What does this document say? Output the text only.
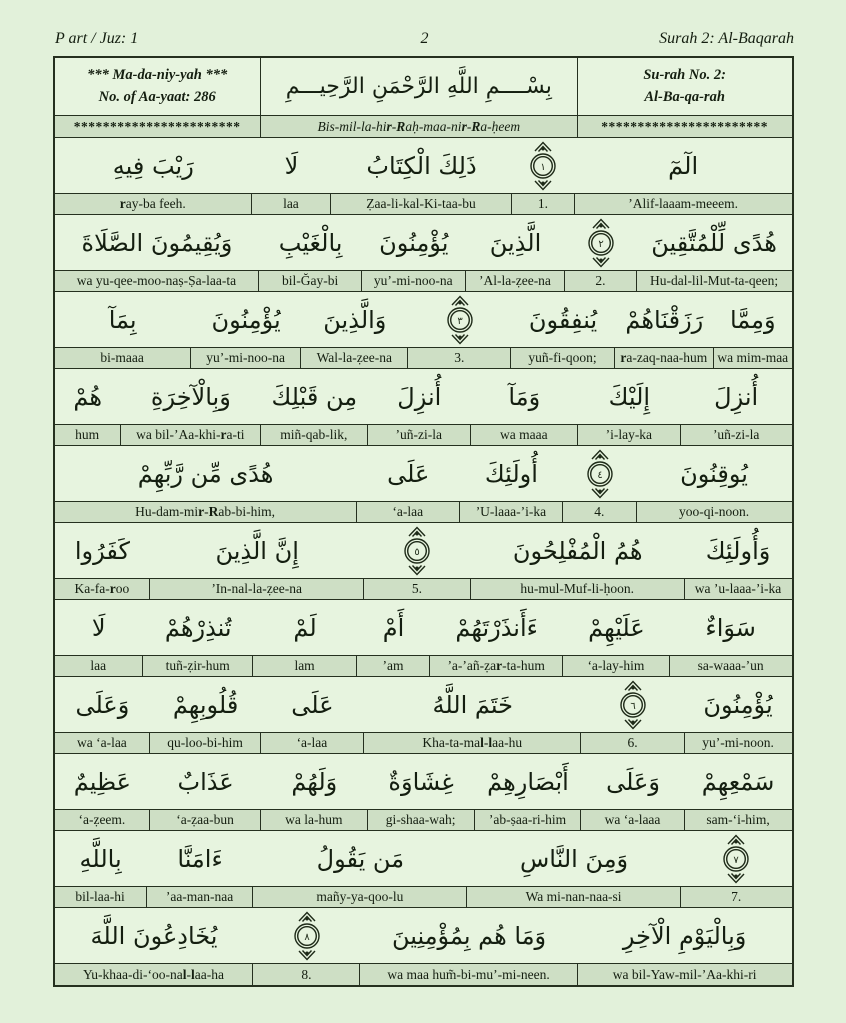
P art / Juz: 1	2	Surah 2: Al-Baqarah
*** Ma-da-niy-yah ***
No. of Aa-yaat: 286	بِسْــــمِ اللَّهِ الرَّحْمَنِ الرَّحِيـــمِ	Su-rah No. 2:
Al-Ba-qa-rah
***********************	Bis-mil-la-hi r - R aḥ-maa-ni r - R a-ḥeem	***********************
رَيْبَ فِيهِ	لَا	ذَلِكَ الْكِتَابُ	١	الٓمٓ
r ay-ba feeh.	laa	Ẓaa-li-kal-Ki-taa-bu	1.	’Alif-laaam-meeem.
وَيُقِيمُونَ الصَّلَاةَ	بِالْغَيْبِ	يُؤْمِنُونَ	الَّذِينَ	٢	هُدًى لِّلْمُتَّقِينَ
wa yu-qee-moo-naṣ-Ṣa-laa-ta	bil-Ğay-bi	yu’-mi-noo-na	’Al-la-ẓee-na	2.	Hu-dal-lil-Mut-ta-qeen;
بِمَآ	يُؤْمِنُونَ	وَالَّذِينَ	٣	يُنفِقُونَ	رَزَقْنَاهُمْ	وَمِمَّا
bi-maaa	yu’-mi-noo-na	Wal-la-ẓee-na	3.	yuñ-fi-qoon;	r a-zaq-naa-hum wa mim-maa
هُمْ	وَبِالْآخِرَةِ	مِن قَبْلِكَ	أُنزِلَ	وَمَآ	إِلَيْكَ	أُنزِلَ
hum	wa bil-’Aa-khi- r a-ti	miñ-qab-lik,	’uñ-zi-la	wa maaa	’i-lay-ka	’uñ-zi-la
هُدًى مِّن رَّبِّهِمْ	عَلَى	أُولَئِكَ	٤	يُوقِنُونَ
Hu-dam-mi r - R ab-bi-him,	‘a-laa	’U-laaa-’i-ka	4.	yoo-qi-noon.
كَفَرُوا	إِنَّ الَّذِينَ	٥	هُمُ الْمُفْلِحُونَ	وَأُولَئِكَ
Ka-fa- r oo	’In-nal-la-ẓee-na	5.	hu-mul-Muf-li-ḥoon.	wa ’u-laaa-’i-ka
لَا	تُنذِرْهُمْ	لَمْ	أَمْ	ءَأَنذَرْتَهُمْ	عَلَيْهِمْ	سَوَاءٌ
laa	tuñ-ẓir-hum	lam	’am	’a-’añ-ẓa r -ta-hum	‘a-lay-him	sa-waaa-’un
وَعَلَى	قُلُوبِهِمْ	عَلَى	خَتَمَ اللَّهُ	٦	يُؤْمِنُونَ
wa ‘a-laa	qu-loo-bi-him	‘a-laa	Kha-ta-ma l - l aa-hu	6.	yu’-mi-noon.
عَظِيمٌ	عَذَابٌ	وَلَهُمْ	غِشَاوَةٌ	أَبْصَارِهِمْ	وَعَلَى	سَمْعِهِمْ
‘a-ẓeem.	‘a-ẓaa-bun	wa la-hum	gi-shaa-wah;	’ab-ṣaa-ri-him	wa ‘a-laaa	sam-‘i-him,
بِاللَّهِ	ءَامَنَّا	مَن يَقُولُ	وَمِنَ النَّاسِ	٧
bil-laa-hi	’aa-man-naa	mañy-ya-qoo-lu	Wa mi-nan-naa-si	7.
يُخَادِعُونَ اللَّهَ	٨	وَمَا هُم بِمُؤْمِنِينَ	وَبِالْيَوْمِ الْآخِرِ
Yu-khaa-di-‘oo-na l - l aa-ha	8.	wa maa hum̃-bi-mu’-mi-neen.	wa bil-Yaw-mil-’Aa-khi-ri
